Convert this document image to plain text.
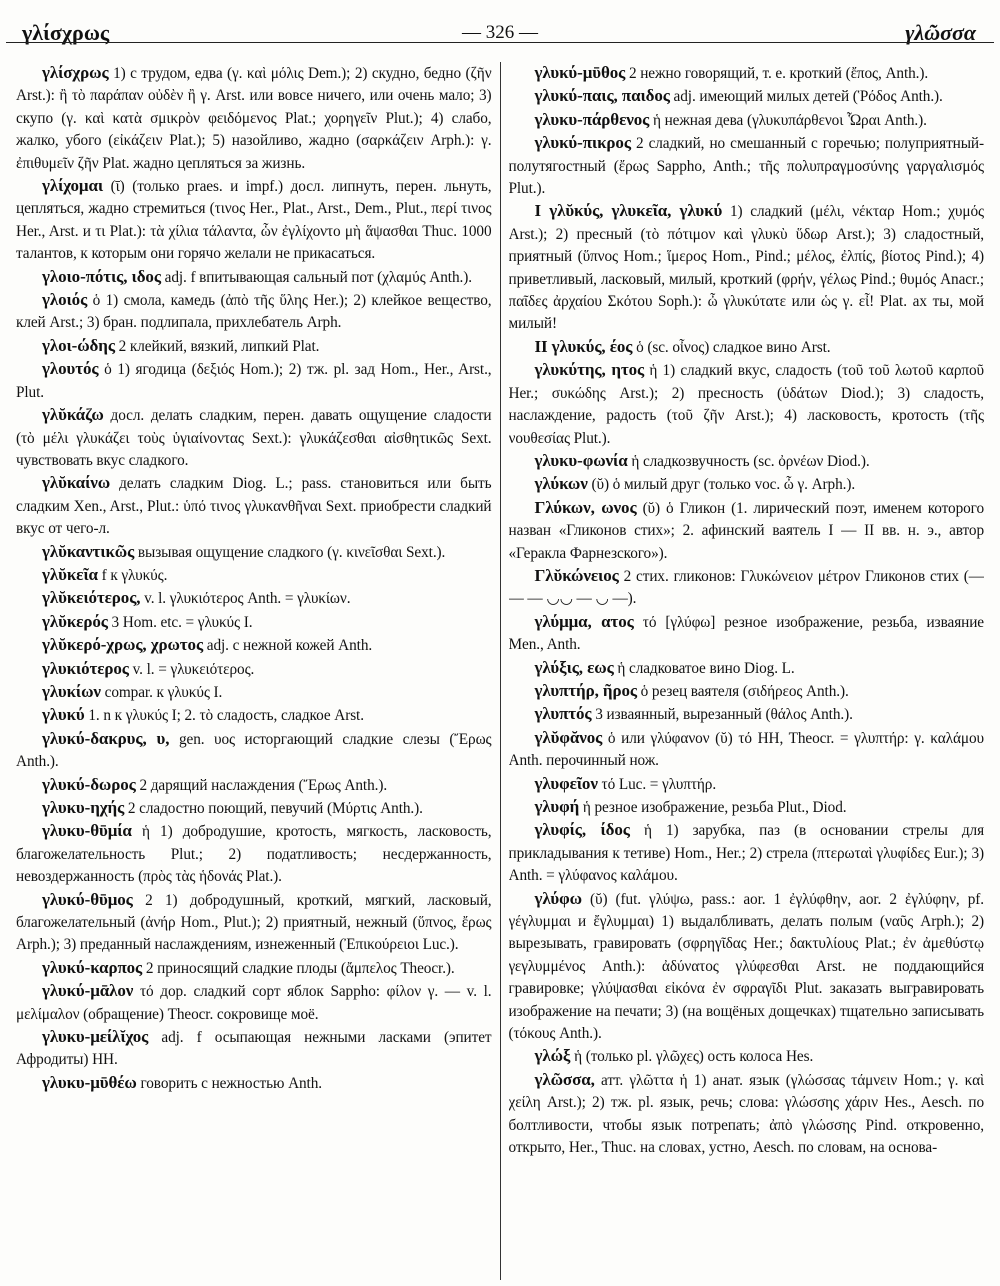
γλίσχρως	— 326 —	γλῶσσα

γλίσχρως 1) с трудом, едва (γ. καὶ μόλις Dem.); 2) скудно, бедно (ζῆν Arst.): ἢ τὸ παράπαν οὐδὲν ἢ γ. Arst. или вовсе ничего, или очень мало; 3) скупо (γ. καὶ κατὰ σμικρὸν φειδόμενος Plat.; χορηγεῖν Plut.); 4) слабо, жалко, убого (εἰκάζειν Plat.); 5) назойливо, жадно (σαρκάζειν Arph.): γ. ἐπιθυμεῖν ζῆν Plat. жадно цепляться за жизнь.

γλίχομαι (ῑ) (только praes. и impf.) досл. липнуть, перен. льнуть, цепляться, жадно стремиться (τινος Her., Plat., Arst., Dem., Plut., περί τινος Her., Arst. и τι Plat.): τὰ χίλια τάλαντα, ὧν ἐγλίχοντο μὴ ἅψασθαι Thuc. 1000 талантов, к которым они горячо желали не прикасаться.

γλοιο-πότις, ιδος adj. f впитывающая сальный пот (χλαμύς Anth.).

γλοιός ὁ 1) смола, камедь (ἀπὸ τῆς ὕλης Her.); 2) клейкое вещество, клей Arst.; 3) бран. подлипала, прихлебатель Arph.

γλοι-ώδης 2 клейкий, вязкий, липкий Plat.

γλουτός ὁ 1) ягодица (δεξιός Hom.); 2) тж. pl. зад Hom., Her., Arst., Plut.

γλῠκάζω досл. делать сладким, перен. давать ощущение сладости (τὸ μέλι γλυκάζει τοὺς ὑγιαίνοντας Sext.): γλυκάζεσθαι αἰσθητικῶς Sext. чувствовать вкус сладкого.

γλῠκαίνω делать сладким Diog. L.; pass. становиться или быть сладким Xen., Arst., Plut.: ὑπό τινος γλυκανθῆναι Sext. приобрести сладкий вкус от чего-л.

γλῠκαντικῶς вызывая ощущение сладкого (γ. κινεῖσθαι Sext.).

γλῠκεῖα f к γλυκύς.

γλῠκειότερος, v. l. γλυκιότερος Anth. = γλυκίων.

γλῠκερός 3 Hom. etc. = γλυκύς I.

γλῠκερό-χρως, χρωτος adj. с нежной кожей Anth.

γλυκιότερος v. l. = γλυκειότερος.

γλυκίων compar. к γλυκύς I.

γλυκύ 1. n к γλυκύς I; 2. τὸ сладость, сладкое Arst.

γλυκύ-δακρυς, υ, gen. υος исторгающий сладкие слезы (Ἔρως Anth.).

γλυκύ-δωρος 2 дарящий наслаждения (Ἔρως Anth.).

γλυκυ-ηχής 2 сладостно поющий, певучий (Μύρτις Anth.).

γλυκυ-θῡμία ἡ 1) добродушие, кротость, мягкость, ласковость, благожелательность Plut.; 2) податливость; несдержанность, невоздержанность (πρὸς τὰς ἡδονάς Plat.).

γλυκύ-θῡμος 2 1) добродушный, кроткий, мягкий, ласковый, благожелательный (ἀνήρ Hom., Plut.); 2) приятный, нежный (ὕπνος, ἔρως Arph.); 3) преданный наслаждениям, изнеженный (Ἐπικούρειοι Luc.).

γλυκύ-καρπος 2 приносящий сладкие плоды (ἄμπελος Theocr.).

γλυκύ-μᾱλον τό дор. сладкий сорт яблок Sappho: φίλον γ. — v. l. μελίμαλον (обращение) Theocr. сокровище моё.

γλυκυ-μείλῐχος adj. f осыпающая нежными ласками (эпитет Афродиты) HH.

γλυκυ-μῡθέω говорить с нежностью Anth.

γλυκύ-μῡθος 2 нежно говорящий, т. е. кроткий (ἔπος, Anth.).

γλυκύ-παις, παιδος adj. имеющий милых детей (Ῥόδος Anth.).

γλυκυ-πάρθενος ἡ нежная дева (γλυκυπάρθενοι Ὧραι Anth.).

γλυκύ-πικρος 2 сладкий, но смешанный с горечью; полуприятный-полутягостный (ἔρως Sappho, Anth.; τῆς πολυπραγμοσύνης γαργαλισμός Plut.).

I γλῠκύς, γλυκεῖα, γλυκύ 1) сладкий (μέλι, νέκταρ Hom.; χυμός Arst.); 2) пресный (τὸ πότιμον καὶ γλυκὺ ὕδωρ Arst.); 3) сладостный, приятный (ὕπνος Hom.; ἵμερος Hom., Pind.; μέλος, ἐλπίς, βίοτος Pind.); 4) приветливый, ласковый, милый, кроткий (φρήν, γέλως Pind.; θυμός Anacr.; παῖδες ἀρχαίου Σκότου Soph.): ὦ γλυκύτατε или ὡς γ. εἶ! Plat. ах ты, мой милый!

II γλυκύς, έος ὁ (sc. οἶνος) сладкое вино Arst.

γλυκύτης, ητος ἡ 1) сладкий вкус, сладость (τοῦ τοῦ λωτοῦ καρποῦ Her.; συκώδης Arst.); 2) пресность (ὑδάτων Diod.); 3) сладость, наслаждение, радость (τοῦ ζῆν Arst.); 4) ласковость, кротость (τῆς νουθεσίας Plut.).

γλυκυ-φωνία ἡ сладкозвучность (sc. ὀρνέων Diod.).

γλύκων (ῠ) ὁ милый друг (только voc. ὦ γ. Arph.).

Γλύκων, ωνος (ῠ) ὁ Гликон (1. лирический поэт, именем которого назван «Гликонов стих»; 2. афинский ваятель I — II вв. н. э., автор «Геракла Фарнезского»).

Γλῠκώνειος 2 стих. гликонов: Γλυκώνειον μέτρον Гликонов стих (— — — ◡◡ — ◡ —).

γλύμμα, ατος τό [γλύφω] резное изображение, резьба, изваяние Men., Anth.

γλύξις, εως ἡ сладковатое вино Diog. L.

γλυπτήρ, ῆρος ὁ резец ваятеля (σιδήρεος Anth.).

γλυπτός 3 изваянный, вырезанный (θάλος Anth.).

γλῠφᾰνος ὁ или γλύφανον (ῠ) τό HH, Theocr. = γλυπτήρ: γ. καλάμου Anth. перочинный нож.

γλυφεῖον τό Luc. = γλυπτήρ.

γλυφή ἡ резное изображение, резьба Plut., Diod.

γλυφίς, ίδος ἡ 1) зарубка, паз (в основании стрелы для прикладывания к тетиве) Hom., Her.; 2) стрела (πτερωταὶ γλυφίδες Eur.); 3) Anth. = γλύφανος καλάμου.

γλύφω (ῠ) (fut. γλύψω, pass.: aor. 1 ἐγλύφθην, aor. 2 ἐγλύφην, pf. γέγλυμμαι и ἔγλυμμαι) 1) выдалбливать, делать полым (ναῦς Arph.); 2) вырезывать, гравировать (σφρηγῖδας Her.; δακτυλίους Plat.; ἐν ἀμεθύστῳ γεγλυμμένος Anth.): ἀδύνατος γλύφεσθαι Arst. не поддающийся гравировке; γλύψασθαι εἰκόνα ἐν σφραγῖδι Plut. заказать выгравировать изображение на печати; 3) (на вощёных дощечках) тщательно записывать (τόκους Anth.).

γλώξ ἡ (только pl. γλῶχες) ость колоса Hes.

γλῶσσα, атт. γλῶττα ἡ 1) анат. язык (γλώσσας τάμνειν Hom.; γ. καὶ χείλη Arst.); 2) тж. pl. язык, речь; слова: γλώσσης χάριν Hes., Aesch. по болтливости, чтобы язык потрепать; ἀπὸ γλώσσης Pind. откровенно, открыто, Her., Thuc. на словах, устно, Aesch. по словам, на основа-
